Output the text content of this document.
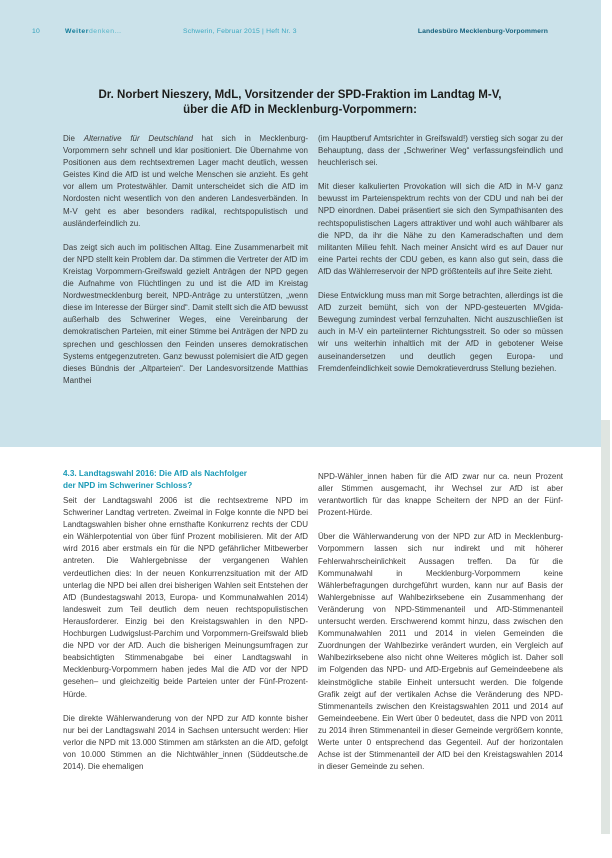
10	Weiterdenken…	Schwerin, Februar 2015 | Heft Nr. 3	Landesbüro Mecklenburg-Vorpommern
Dr. Norbert Nieszery, MdL, Vorsitzender der SPD-Fraktion im Landtag M-V,
über die AfD in Mecklenburg-Vorpommern:

Die Alternative für Deutschland hat sich in Mecklenburg-Vorpommern sehr schnell und klar positioniert. Die Übernahme von Positionen aus dem rechtsextremen Lager macht deutlich, wessen Geistes Kind die AfD ist und welche Menschen sie anzieht. Es geht vor allem um Protestwähler. Damit unterscheidet sich die AfD im Nordosten nicht wesentlich von den anderen Landesverbänden. In M-V geht es aber besonders radikal, rechtspopulistisch und ausländerfeindlich zu.

Das zeigt sich auch im politischen Alltag. Eine Zusammenarbeit mit der NPD stellt kein Problem dar. Da stimmen die Vertreter der AfD im Kreistag Vorpommern-Greifswald gezielt Anträgen der NPD gegen die Aufnahme von Flüchtlingen zu und ist die AfD im Kreistag Nordwestmecklenburg bereit, NPD-Anträge zu unterstützen, „wenn diese im Interesse der Bürger sind“. Damit stellt sich die AfD bewusst außerhalb des Schweriner Weges, eine Vereinbarung der demokratischen Parteien, mit einer Stimme bei Anträgen der NPD zu sprechen und geschlossen den Feinden unseres demokratischen Systems entgegenzutreten. Ganz bewusst polemisiert die AfD gegen dieses Bündnis der „Altparteien“. Der Landesvorsitzende Matthias Manthei

(im Hauptberuf Amtsrichter in Greifswald!) verstieg sich sogar zu der Behauptung, dass der „Schweriner Weg“ verfassungsfeindlich und heuchlerisch sei.

Mit dieser kalkulierten Provokation will sich die AfD in M-V ganz bewusst im Parteienspektrum rechts von der CDU und nah bei der NPD einordnen. Dabei präsentiert sie sich den Sympathisanten des rechtspopulistischen Lagers attraktiver und wohl auch wählbarer als die NPD, da ihr die Nähe zu den Kameradschaften und dem militanten Milieu fehlt. Nach meiner Ansicht wird es auf Dauer nur eine Partei rechts der CDU geben, es kann also gut sein, dass die AfD das Wählerreservoir der NPD größtenteils auf ihre Seite zieht.

Diese Entwicklung muss man mit Sorge betrachten, allerdings ist die AfD zurzeit bemüht, sich von der NPD-gesteuerten MVgida-Bewegung zumindest verbal fernzuhalten. Nicht auszuschließen ist auch in M-V ein parteiinterner Richtungsstreit. So oder so müssen wir uns weiterhin inhaltlich mit der AfD in gebotener Weise auseinandersetzen und deutlich gegen Europa- und Fremdenfeindlichkeit sowie Demokratieverdruss Stellung beziehen.

4.3. Landtagswahl 2016: Die AfD als Nachfolger
der NPD im Schweriner Schloss?

Seit der Landtagswahl 2006 ist die rechtsextreme NPD im Schweriner Landtag vertreten. Zweimal in Folge konnte die NPD bei Landtagswahlen bisher ohne ernsthafte Konkurrenz rechts der CDU ein Wählerpotential von über fünf Prozent mobilisieren. Mit der AfD wird 2016 aber erstmals ein für die NPD gefährlicher Mitbewerber antreten. Die Wahlergebnisse der vergangenen Wahlen verdeutlichen dies: In der neuen Konkurrenzsituation mit der AfD unterlag die NPD bei allen drei bisherigen Wahlen seit Entstehen der AfD (Bundestagswahl 2013, Europa- und Kommunalwahlen 2014) landesweit zum Teil deutlich dem neuen rechtspopulistischen Herausforderer. Einzig bei den Kreistagswahlen in den NPD-Hochburgen Ludwigslust-Parchim und Vorpommern-Greifswald blieb die NPD vor der AfD. Auch die bisherigen Meinungsumfragen zur beabsichtigten Stimmenabgabe bei einer Landtagswahl in Mecklenburg-Vorpommern haben jedes Mal die AfD vor der NPD gesehen– und gleichzeitig beide Parteien unter der Fünf-Prozent-Hürde.

Die direkte Wählerwanderung von der NPD zur AfD konnte bisher nur bei der Landtagswahl 2014 in Sachsen untersucht werden: Hier verlor die NPD mit 13.000 Stimmen am stärksten an die AfD, gefolgt von 10.000 Stimmen an die Nichtwähler_innen (Süddeutsche.de 2014). Die ehemaligen

NPD-Wähler_innen haben für die AfD zwar nur ca. neun Prozent aller Stimmen ausgemacht, ihr Wechsel zur AfD ist aber verantwortlich für das knappe Scheitern der NPD an der Fünf-Prozent-Hürde.

Über die Wählerwanderung von der NPD zur AfD in Mecklenburg-Vorpommern lassen sich nur indirekt und mit höherer Fehlerwahrscheinlichkeit Aussagen treffen. Da für die Kommunalwahl in Mecklenburg-Vorpommern keine Wählerbefragungen durchgeführt wurden, kann nur auf Basis der Wahlergebnisse auf Wahlbezirksebene ein Zusammenhang der Veränderung von NPD-Stimmenanteil und AfD-Stimmenanteil untersucht werden. Erschwerend kommt hinzu, dass zwischen den Kommunalwahlen 2011 und 2014 in vielen Gemeinden die Zuordnungen der Wahlbezirke verändert wurden, ein Vergleich auf Wahlbezirksebene also nicht ohne Weiteres möglich ist. Daher soll im Folgenden das NPD- und AfD-Ergebnis auf Gemeindeebene als kleinstmögliche stabile Einheit untersucht werden. Die folgende Grafik zeigt auf der vertikalen Achse die Veränderung des NPD-Stimmenanteils zwischen den Kreistagswahlen 2011 und 2014 auf Gemeindeebene. Ein Wert über 0 bedeutet, dass die NPD von 2011 zu 2014 ihren Stimmenanteil in dieser Gemeinde vergrößern konnte, Werte unter 0 entsprechend das Gegenteil. Auf der horizontalen Achse ist der Stimmenanteil der AfD bei den Kreistagswahlen 2014 in dieser Gemeinde zu sehen.
